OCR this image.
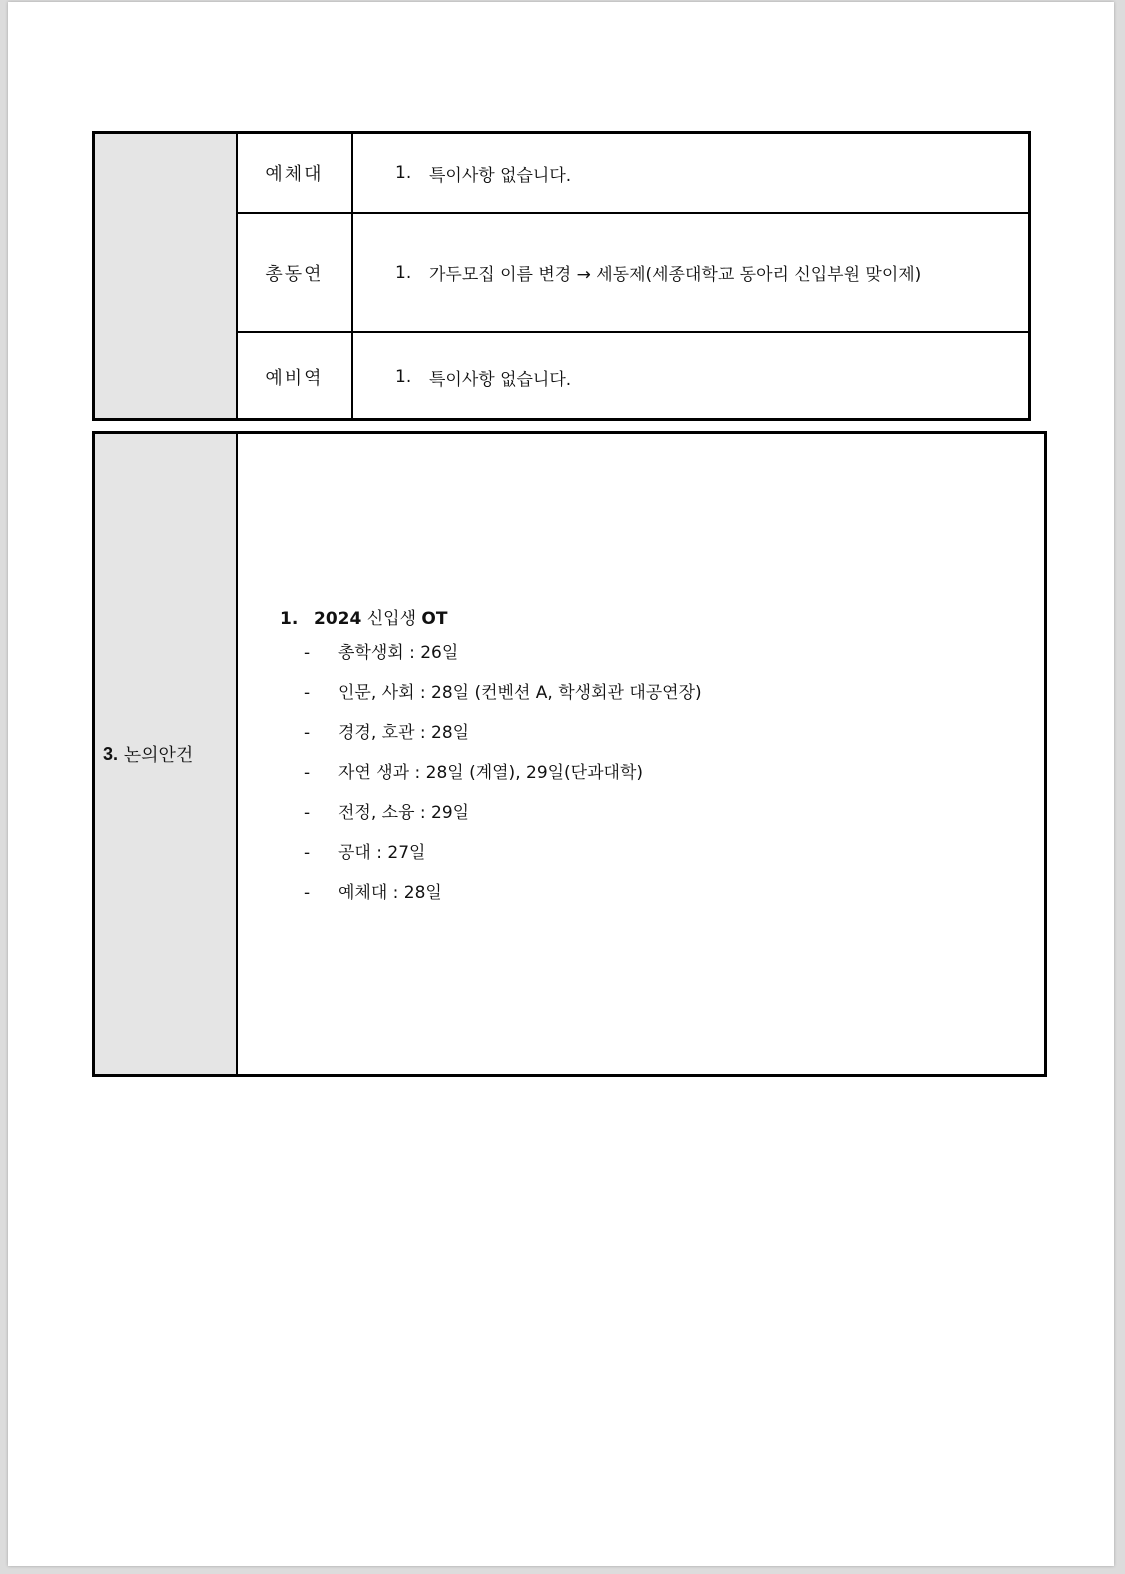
예체대	1.	특이사항 없습니다.
총동연	1.	가두모집 이름 변경 → 세동제(세종대학교 동아리 신입부원 맞이제)
예비역	1.	특이사항 없습니다.
3.
논의안건
1. 2024 신입생 OT
- 총학생회 : 26일
- 인문, 사회 : 28일 (컨벤션 A, 학생회관 대공연장)
- 경경, 호관 : 28일
- 자연 생과 : 28일 (계열), 29일(단과대학)
- 전정, 소융 : 29일
- 공대 : 27일
- 예체대 : 28일
